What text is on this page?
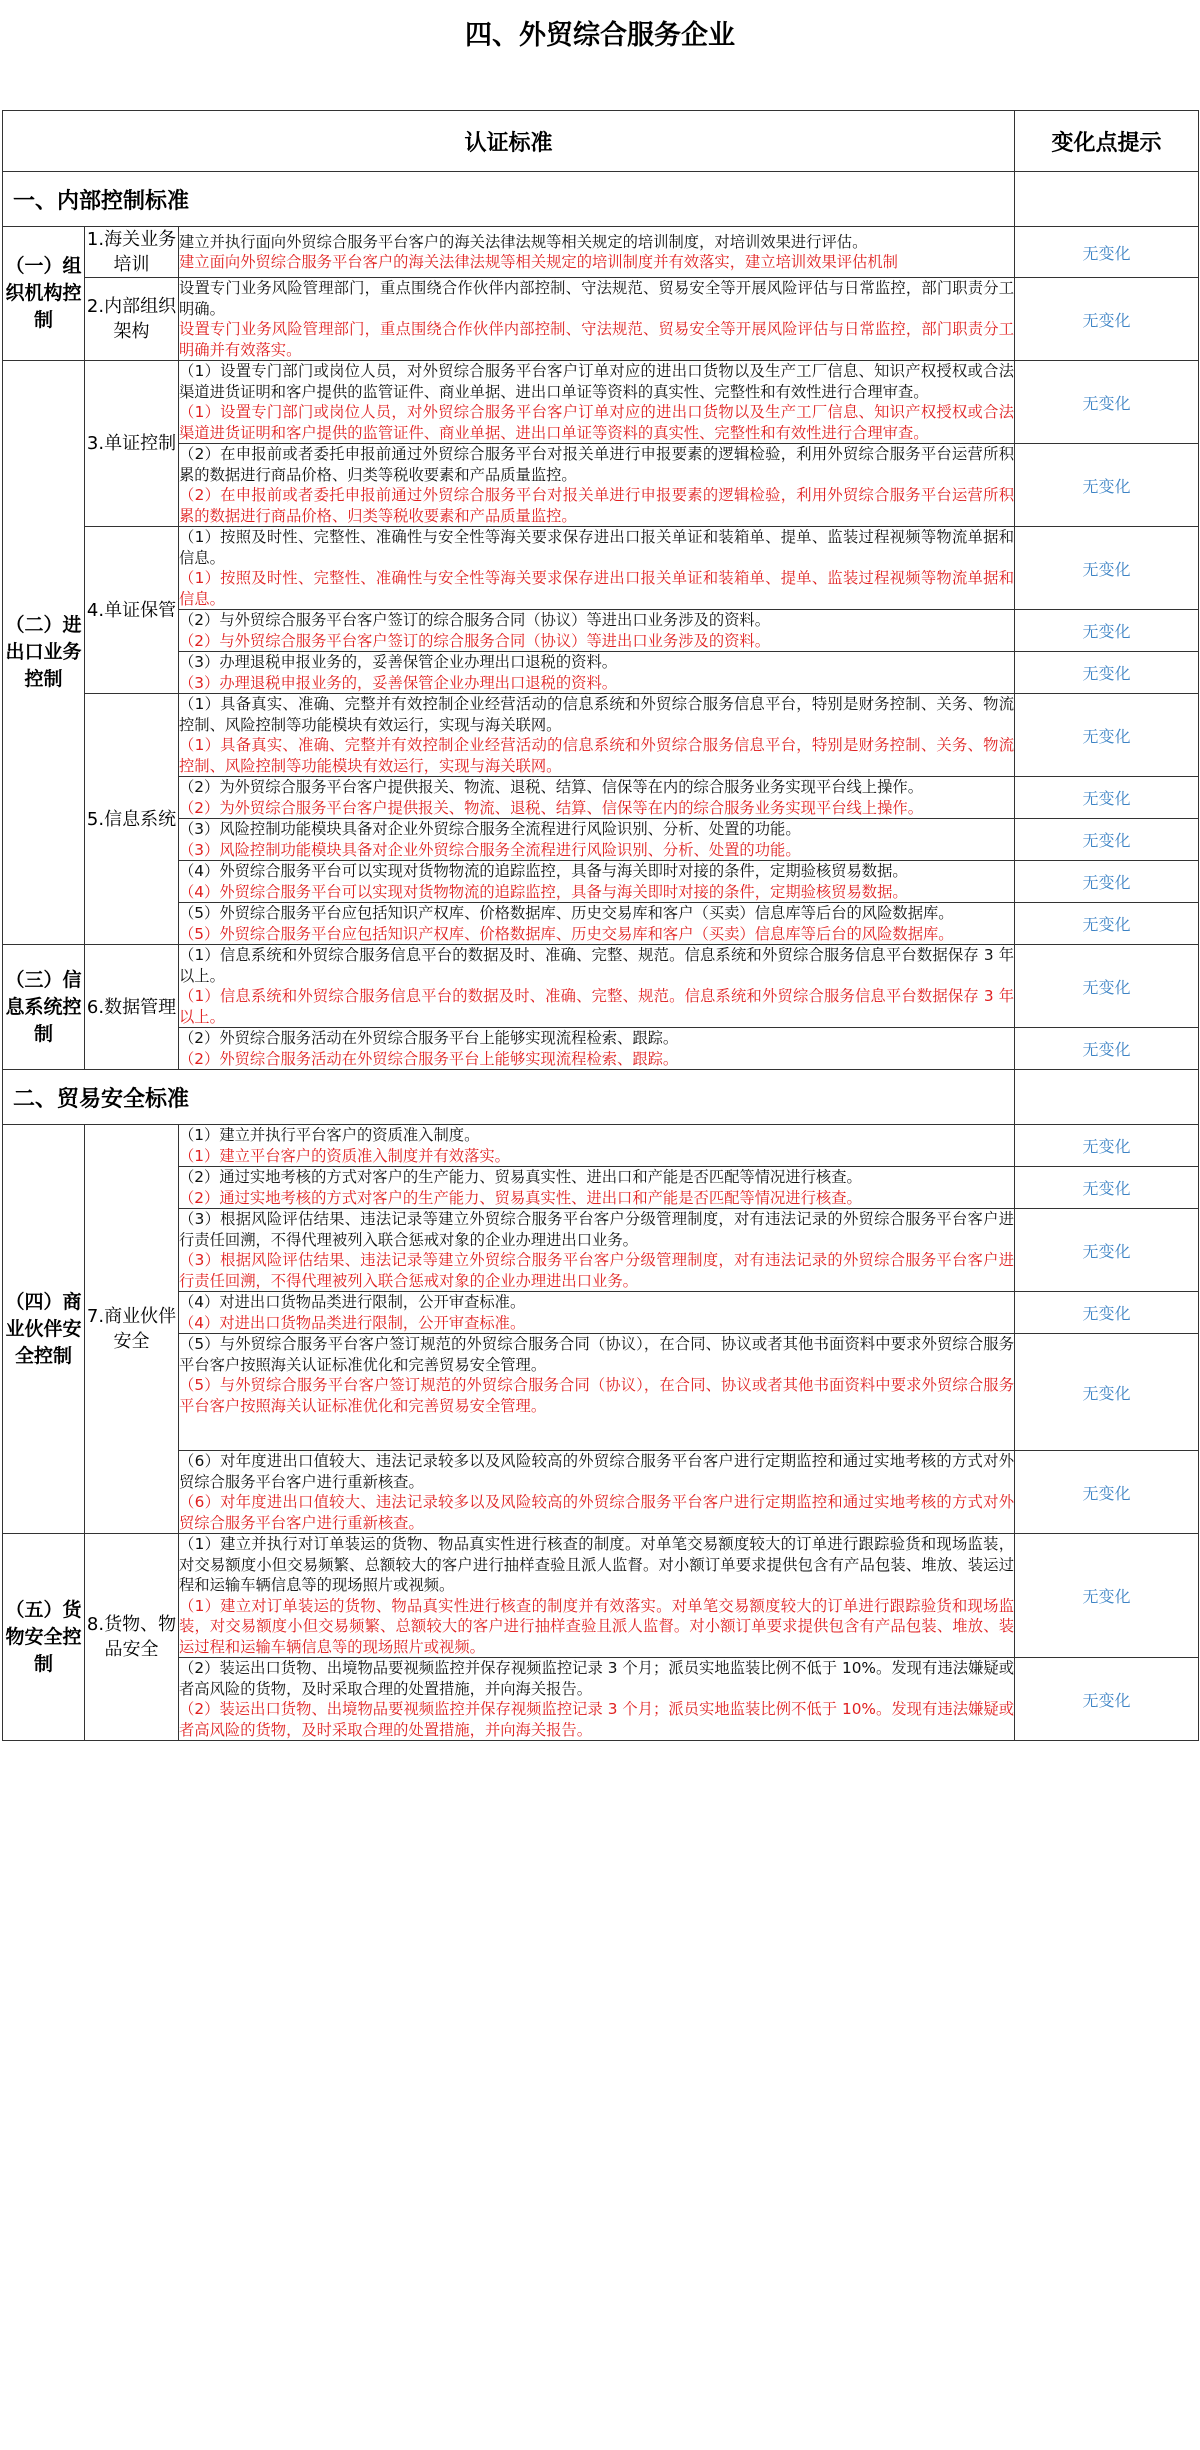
四、外贸综合服务企业
认证标准			变化点提示
一、内部控制标准			
（一）组织机构控制	1.海关业务培训	建立并执行面向外贸综合服务平台客户的海关法律法规等相关规定的培训制度，对培训效果进行评估。
建立面向外贸综合服务平台客户的海关法律法规等相关规定的培训制度并有效落实，建立培训效果评估机制	无变化
	2.内部组织架构	设置专门业务风险管理部门，重点围绕合作伙伴内部控制、守法规范、贸易安全等开展风险评估与日常监控，部门职责分工明确。
设置专门业务风险管理部门，重点围绕合作伙伴内部控制、守法规范、贸易安全等开展风险评估与日常监控，部门职责分工明确并有效落实。	无变化
（二）进出口业务控制	3.单证控制	（1）设置专门部门或岗位人员，对外贸综合服务平台客户订单对应的进出口货物以及生产工厂信息、知识产权授权或合法渠道进货证明和客户提供的监管证件、商业单据、进出口单证等资料的真实性、完整性和有效性进行合理审查。
（1）设置专门部门或岗位人员，对外贸综合服务平台客户订单对应的进出口货物以及生产工厂信息、知识产权授权或合法渠道进货证明和客户提供的监管证件、商业单据、进出口单证等资料的真实性、完整性和有效性进行合理审查。	无变化

		（2）在申报前或者委托申报前通过外贸综合服务平台对报关单进行申报要素的逻辑检验，利用外贸综合服务平台运营所积累的数据进行商品价格、归类等税收要素和产品质量监控。
（2）在申报前或者委托申报前通过外贸综合服务平台对报关单进行申报要素的逻辑检验，利用外贸综合服务平台运营所积累的数据进行商品价格、归类等税收要素和产品质量监控。	无变化
	4.单证保管	（1）按照及时性、完整性、准确性与安全性等海关要求保存进出口报关单证和装箱单、提单、监装过程视频等物流单据和信息。
（1）按照及时性、完整性、准确性与安全性等海关要求保存进出口报关单证和装箱单、提单、监装过程视频等物流单据和信息。	无变化

		（2）与外贸综合服务平台客户签订的综合服务合同（协议）等进出口业务涉及的资料。
（2）与外贸综合服务平台客户签订的综合服务合同（协议）等进出口业务涉及的资料。	无变化

		（3）办理退税申报业务的，妥善保管企业办理出口退税的资料。
（3）办理退税申报业务的，妥善保管企业办理出口退税的资料。	无变化
	5.信息系统	（1）具备真实、准确、完整并有效控制企业经营活动的信息系统和外贸综合服务信息平台，特别是财务控制、关务、物流控制、风险控制等功能模块有效运行，实现与海关联网。
（1）具备真实、准确、完整并有效控制企业经营活动的信息系统和外贸综合服务信息平台，特别是财务控制、关务、物流控制、风险控制等功能模块有效运行，实现与海关联网。	无变化

		（2）为外贸综合服务平台客户提供报关、物流、退税、结算、信保等在内的综合服务业务实现平台线上操作。
（2）为外贸综合服务平台客户提供报关、物流、退税、结算、信保等在内的综合服务业务实现平台线上操作。	无变化

		（3）风险控制功能模块具备对企业外贸综合服务全流程进行风险识别、分析、处置的功能。
（3）风险控制功能模块具备对企业外贸综合服务全流程进行风险识别、分析、处置的功能。	无变化

		（4）外贸综合服务平台可以实现对货物物流的追踪监控，具备与海关即时对接的条件，定期验核贸易数据。
（4）外贸综合服务平台可以实现对货物物流的追踪监控，具备与海关即时对接的条件，定期验核贸易数据。	无变化

		（5）外贸综合服务平台应包括知识产权库、价格数据库、历史交易库和客户（买卖）信息库等后台的风险数据库。
（5）外贸综合服务平台应包括知识产权库、价格数据库、历史交易库和客户（买卖）信息库等后台的风险数据库。	无变化
（三）信息系统控制	6.数据管理	（1）信息系统和外贸综合服务信息平台的数据及时、准确、完整、规范。信息系统和外贸综合服务信息平台数据保存 3 年以上。
（1）信息系统和外贸综合服务信息平台的数据及时、准确、完整、规范。信息系统和外贸综合服务信息平台数据保存 3 年以上。	无变化

		（2）外贸综合服务活动在外贸综合服务平台上能够实现流程检索、跟踪。
（2）外贸综合服务活动在外贸综合服务平台上能够实现流程检索、跟踪。	无变化
二、贸易安全标准			
（四）商业伙伴安全控制	7.商业伙伴安全	（1）建立并执行平台客户的资质准入制度。
（1）建立平台客户的资质准入制度并有效落实。	无变化

		（2）通过实地考核的方式对客户的生产能力、贸易真实性、进出口和产能是否匹配等情况进行核查。
（2）通过实地考核的方式对客户的生产能力、贸易真实性、进出口和产能是否匹配等情况进行核查。	无变化

		（3）根据风险评估结果、违法记录等建立外贸综合服务平台客户分级管理制度，对有违法记录的外贸综合服务平台客户进行责任回溯，不得代理被列入联合惩戒对象的企业办理进出口业务。
（3）根据风险评估结果、违法记录等建立外贸综合服务平台客户分级管理制度，对有违法记录的外贸综合服务平台客户进行责任回溯，不得代理被列入联合惩戒对象的企业办理进出口业务。	无变化

		（4）对进出口货物品类进行限制，公开审查标准。
（4）对进出口货物品类进行限制，公开审查标准。	无变化

		（5）与外贸综合服务平台客户签订规范的外贸综合服务合同（协议），在合同、协议或者其他书面资料中要求外贸综合服务平台客户按照海关认证标准优化和完善贸易安全管理。
（5）与外贸综合服务平台客户签订规范的外贸综合服务合同（协议），在合同、协议或者其他书面资料中要求外贸综合服务平台客户按照海关认证标准优化和完善贸易安全管理。	无变化

		（6）对年度进出口值较大、违法记录较多以及风险较高的外贸综合服务平台客户进行定期监控和通过实地考核的方式对外贸综合服务平台客户进行重新核查。
（6）对年度进出口值较大、违法记录较多以及风险较高的外贸综合服务平台客户进行定期监控和通过实地考核的方式对外贸综合服务平台客户进行重新核查。	无变化
（五）货物安全控制	8.货物、物品安全	（1）建立并执行对订单装运的货物、物品真实性进行核查的制度。对单笔交易额度较大的订单进行跟踪验货和现场监装，对交易额度小但交易频繁、总额较大的客户进行抽样查验且派人监督。对小额订单要求提供包含有产品包装、堆放、装运过程和运输车辆信息等的现场照片或视频。
（1）建立对订单装运的货物、物品真实性进行核查的制度并有效落实。对单笔交易额度较大的订单进行跟踪验货和现场监装，对交易额度小但交易频繁、总额较大的客户进行抽样查验且派人监督。对小额订单要求提供包含有产品包装、堆放、装运过程和运输车辆信息等的现场照片或视频。	无变化

		（2）装运出口货物、出境物品要视频监控并保存视频监控记录 3 个月；派员实地监装比例不低于 10%。发现有违法嫌疑或者高风险的货物，及时采取合理的处置措施，并向海关报告。
（2）装运出口货物、出境物品要视频监控并保存视频监控记录 3 个月；派员实地监装比例不低于 10%。发现有违法嫌疑或者高风险的货物，及时采取合理的处置措施，并向海关报告。	无变化
